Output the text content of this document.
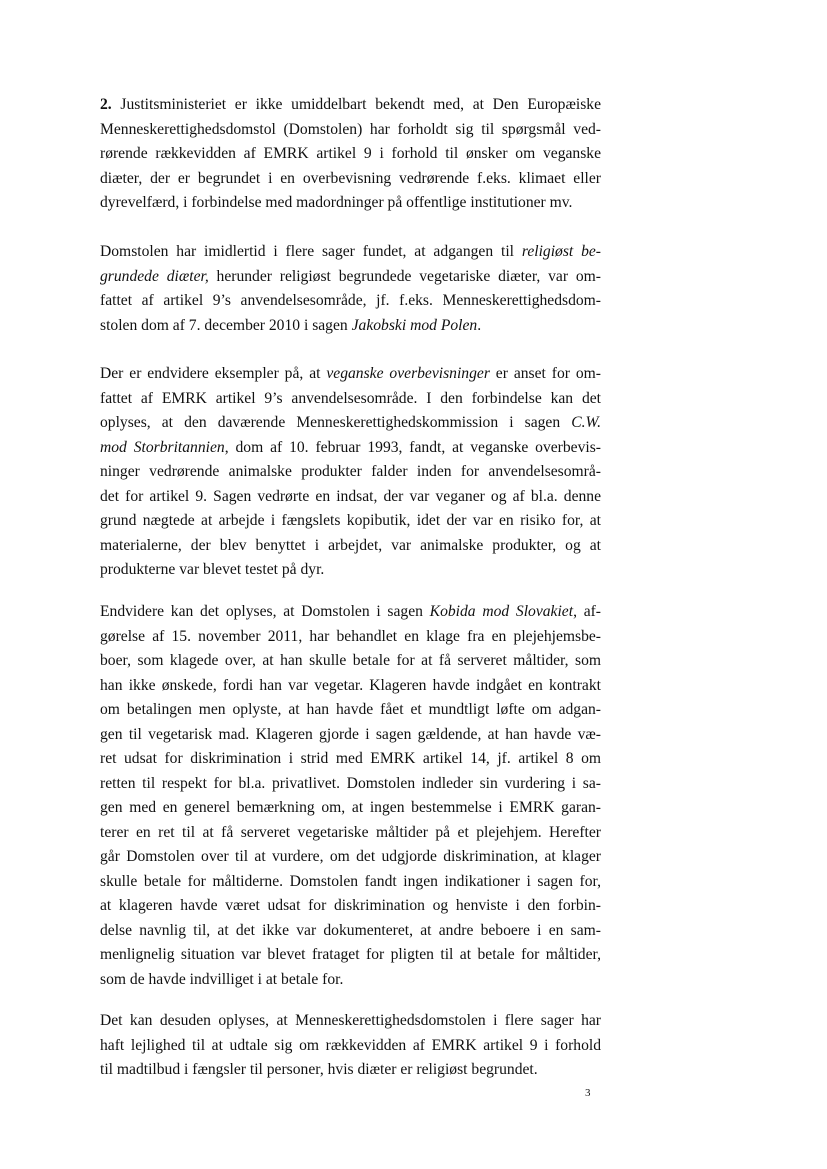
2. Justitsministeriet er ikke umiddelbart bekendt med, at Den Europæiske
Menneskerettighedsdomstol (Domstolen) har forholdt sig til spørgsmål ved-
rørende rækkevidden af EMRK artikel 9 i forhold til ønsker om veganske
diæter, der er begrundet i en overbevisning vedrørende f.eks. klimaet eller
dyrevelfærd, i forbindelse med madordninger på offentlige institutioner mv.
Domstolen har imidlertid i flere sager fundet, at adgangen til religiøst be-
grundede diæter, herunder religiøst begrundede vegetariske diæter, var om-
fattet af artikel 9’s anvendelsesområde, jf. f.eks. Menneskerettighedsdom-
stolen dom af 7. december 2010 i sagen Jakobski mod Polen.
Der er endvidere eksempler på, at veganske overbevisninger er anset for om-
fattet af EMRK artikel 9’s anvendelsesområde. I den forbindelse kan det
oplyses, at den daværende Menneskerettighedskommission i sagen C.W.
mod Storbritannien, dom af 10. februar 1993, fandt, at veganske overbevis-
ninger vedrørende animalske produkter falder inden for anvendelsesområ-
det for artikel 9. Sagen vedrørte en indsat, der var veganer og af bl.a. denne
grund nægtede at arbejde i fængslets kopibutik, idet der var en risiko for, at
materialerne, der blev benyttet i arbejdet, var animalske produkter, og at
produkterne var blevet testet på dyr.
Endvidere kan det oplyses, at Domstolen i sagen Kobida mod Slovakiet, af-
gørelse af 15. november 2011, har behandlet en klage fra en plejehjemsbe-
boer, som klagede over, at han skulle betale for at få serveret måltider, som
han ikke ønskede, fordi han var vegetar. Klageren havde indgået en kontrakt
om betalingen men oplyste, at han havde fået et mundtligt løfte om adgan-
gen til vegetarisk mad. Klageren gjorde i sagen gældende, at han havde væ-
ret udsat for diskrimination i strid med EMRK artikel 14, jf. artikel 8 om
retten til respekt for bl.a. privatlivet. Domstolen indleder sin vurdering i sa-
gen med en generel bemærkning om, at ingen bestemmelse i EMRK garan-
terer en ret til at få serveret vegetariske måltider på et plejehjem. Herefter
går Domstolen over til at vurdere, om det udgjorde diskrimination, at klager
skulle betale for måltiderne. Domstolen fandt ingen indikationer i sagen for,
at klageren havde været udsat for diskrimination og henviste i den forbin-
delse navnlig til, at det ikke var dokumenteret, at andre beboere i en sam-
menlignelig situation var blevet frataget for pligten til at betale for måltider,
som de havde indvilliget i at betale for.
Det kan desuden oplyses, at Menneskerettighedsdomstolen i flere sager har
haft lejlighed til at udtale sig om rækkevidden af EMRK artikel 9 i forhold
til madtilbud i fængsler til personer, hvis diæter er religiøst begrundet.
3
